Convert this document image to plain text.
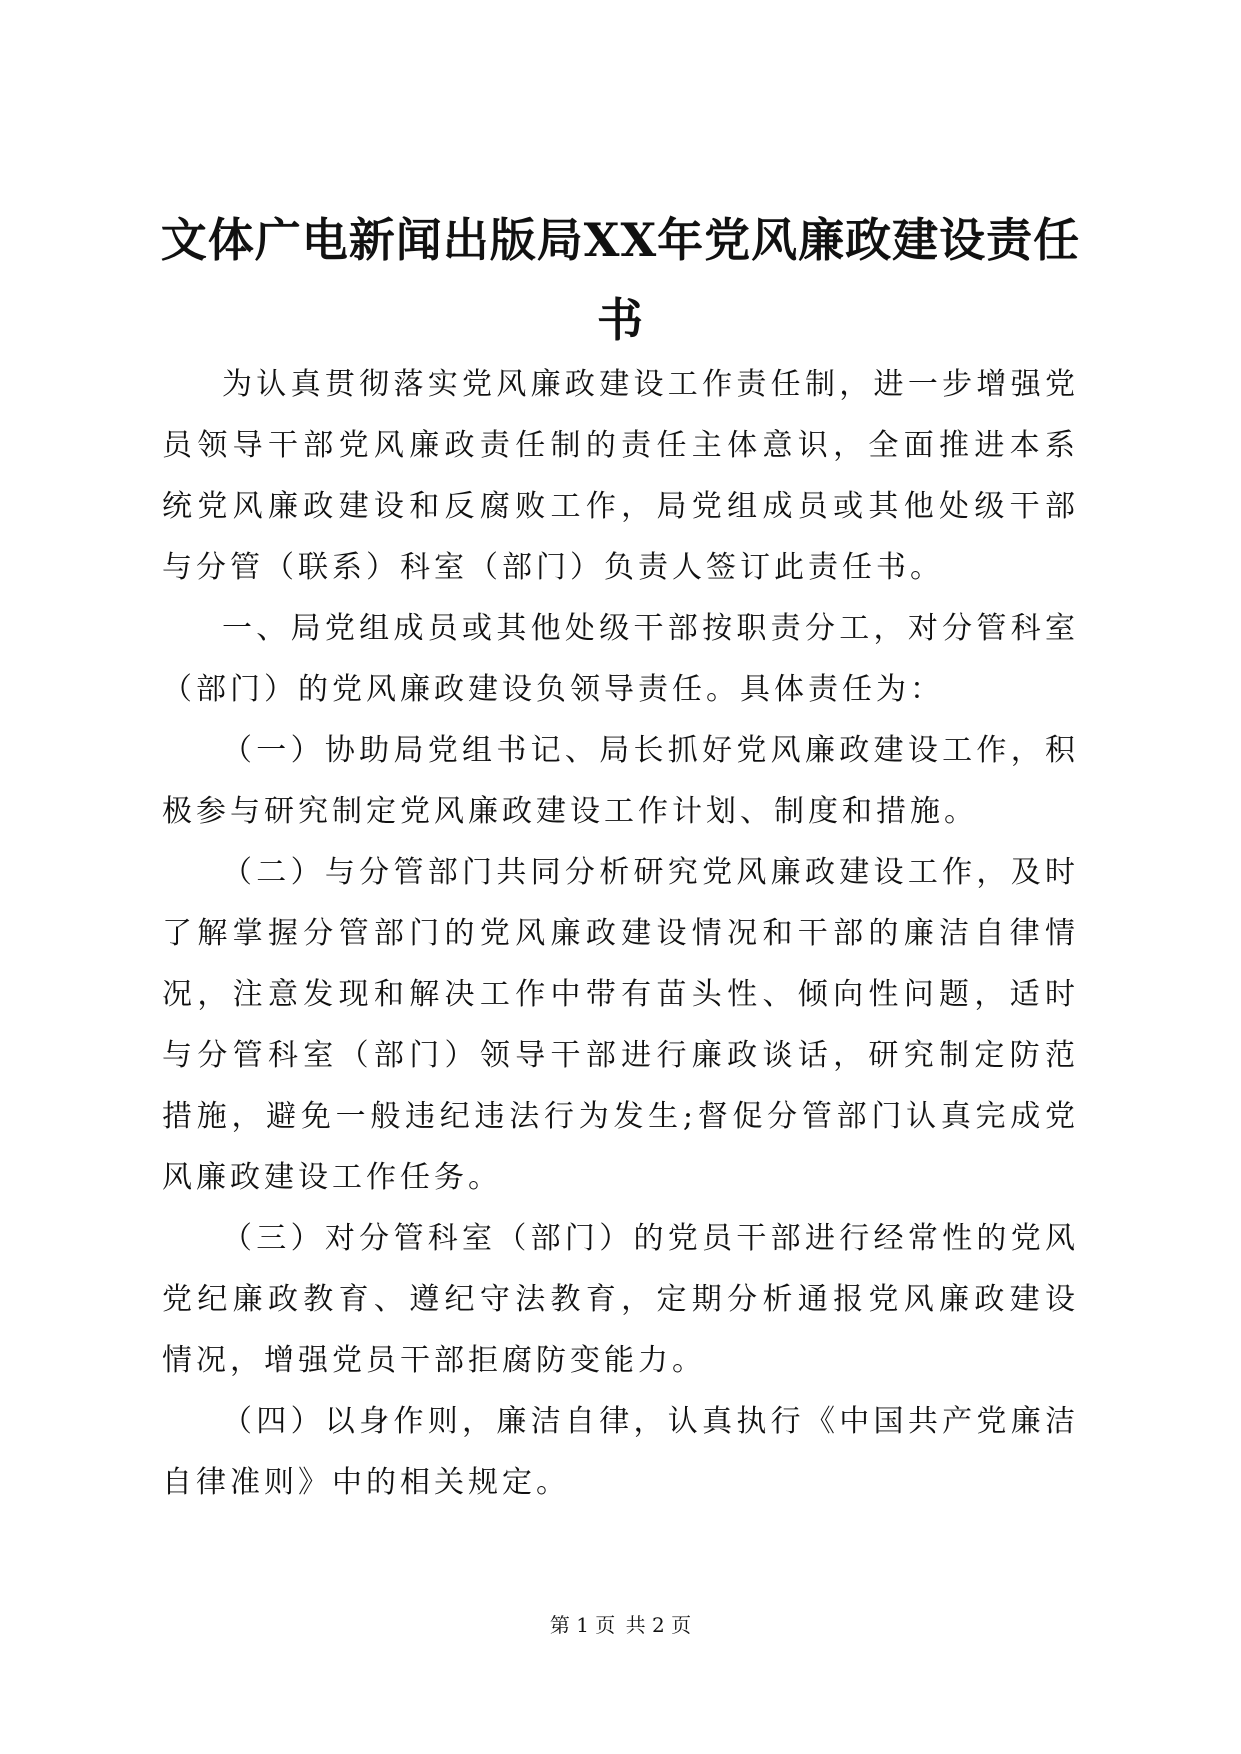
文体广电新闻出版局XX年党风廉政建设责任书

为认真贯彻落实党风廉政建设工作责任制，进一步增强党员领导干部党风廉政责任制的责任主体意识，全面推进本系统党风廉政建设和反腐败工作，局党组成员或其他处级干部与分管（联系）科室（部门）负责人签订此责任书。

一、局党组成员或其他处级干部按职责分工，对分管科室（部门）的党风廉政建设负领导责任。具体责任为：

（一）协助局党组书记、局长抓好党风廉政建设工作，积极参与研究制定党风廉政建设工作计划、制度和措施。

（二）与分管部门共同分析研究党风廉政建设工作，及时了解掌握分管部门的党风廉政建设情况和干部的廉洁自律情况，注意发现和解决工作中带有苗头性、倾向性问题，适时与分管科室（部门）领导干部进行廉政谈话，研究制定防范措施，避免一般违纪违法行为发生;督促分管部门认真完成党风廉政建设工作任务。

（三）对分管科室（部门）的党员干部进行经常性的党风党纪廉政教育、遵纪守法教育，定期分析通报党风廉政建设情况，增强党员干部拒腐防变能力。

（四）以身作则，廉洁自律，认真执行《中国共产党廉洁自律准则》中的相关规定。

第 1 页 共 2 页
